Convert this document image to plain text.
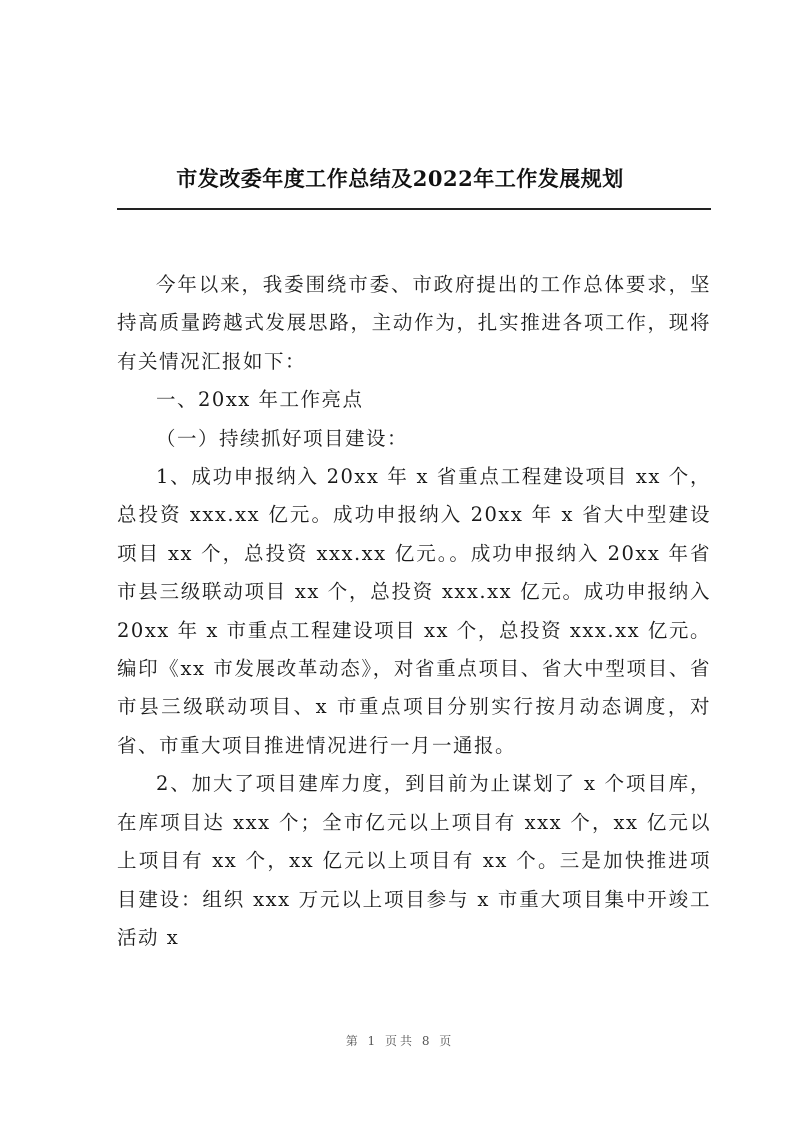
市发改委年度工作总结及2022年工作发展规划

今年以来，我委围绕市委、市政府提出的工作总体要求，坚持高质量跨越式发展思路，主动作为，扎实推进各项工作，现将有关情况汇报如下：

一、20xx 年工作亮点

（一）持续抓好项目建设：

1、成功申报纳入 20xx 年 x 省重点工程建设项目 xx 个，总投资 xxx.xx 亿元。成功申报纳入 20xx 年 x 省大中型建设项目 xx 个，总投资 xxx.xx 亿元。。成功申报纳入 20xx 年省市县三级联动项目 xx 个，总投资 xxx.xx 亿元。成功申报纳入 20xx 年 x 市重点工程建设项目 xx 个，总投资 xxx.xx 亿元。编印《xx 市发展改革动态》，对省重点项目、省大中型项目、省市县三级联动项目、x 市重点项目分别实行按月动态调度，对省、市重大项目推进情况进行一月一通报。

2、加大了项目建库力度，到目前为止谋划了 x 个项目库，在库项目达 xxx 个；全市亿元以上项目有 xxx 个，xx 亿元以上项目有 xx 个，xx 亿元以上项目有 xx 个。三是加快推进项目建设：组织 xxx 万元以上项目参与 x 市重大项目集中开竣工活动 x

第 1 页共 8 页
